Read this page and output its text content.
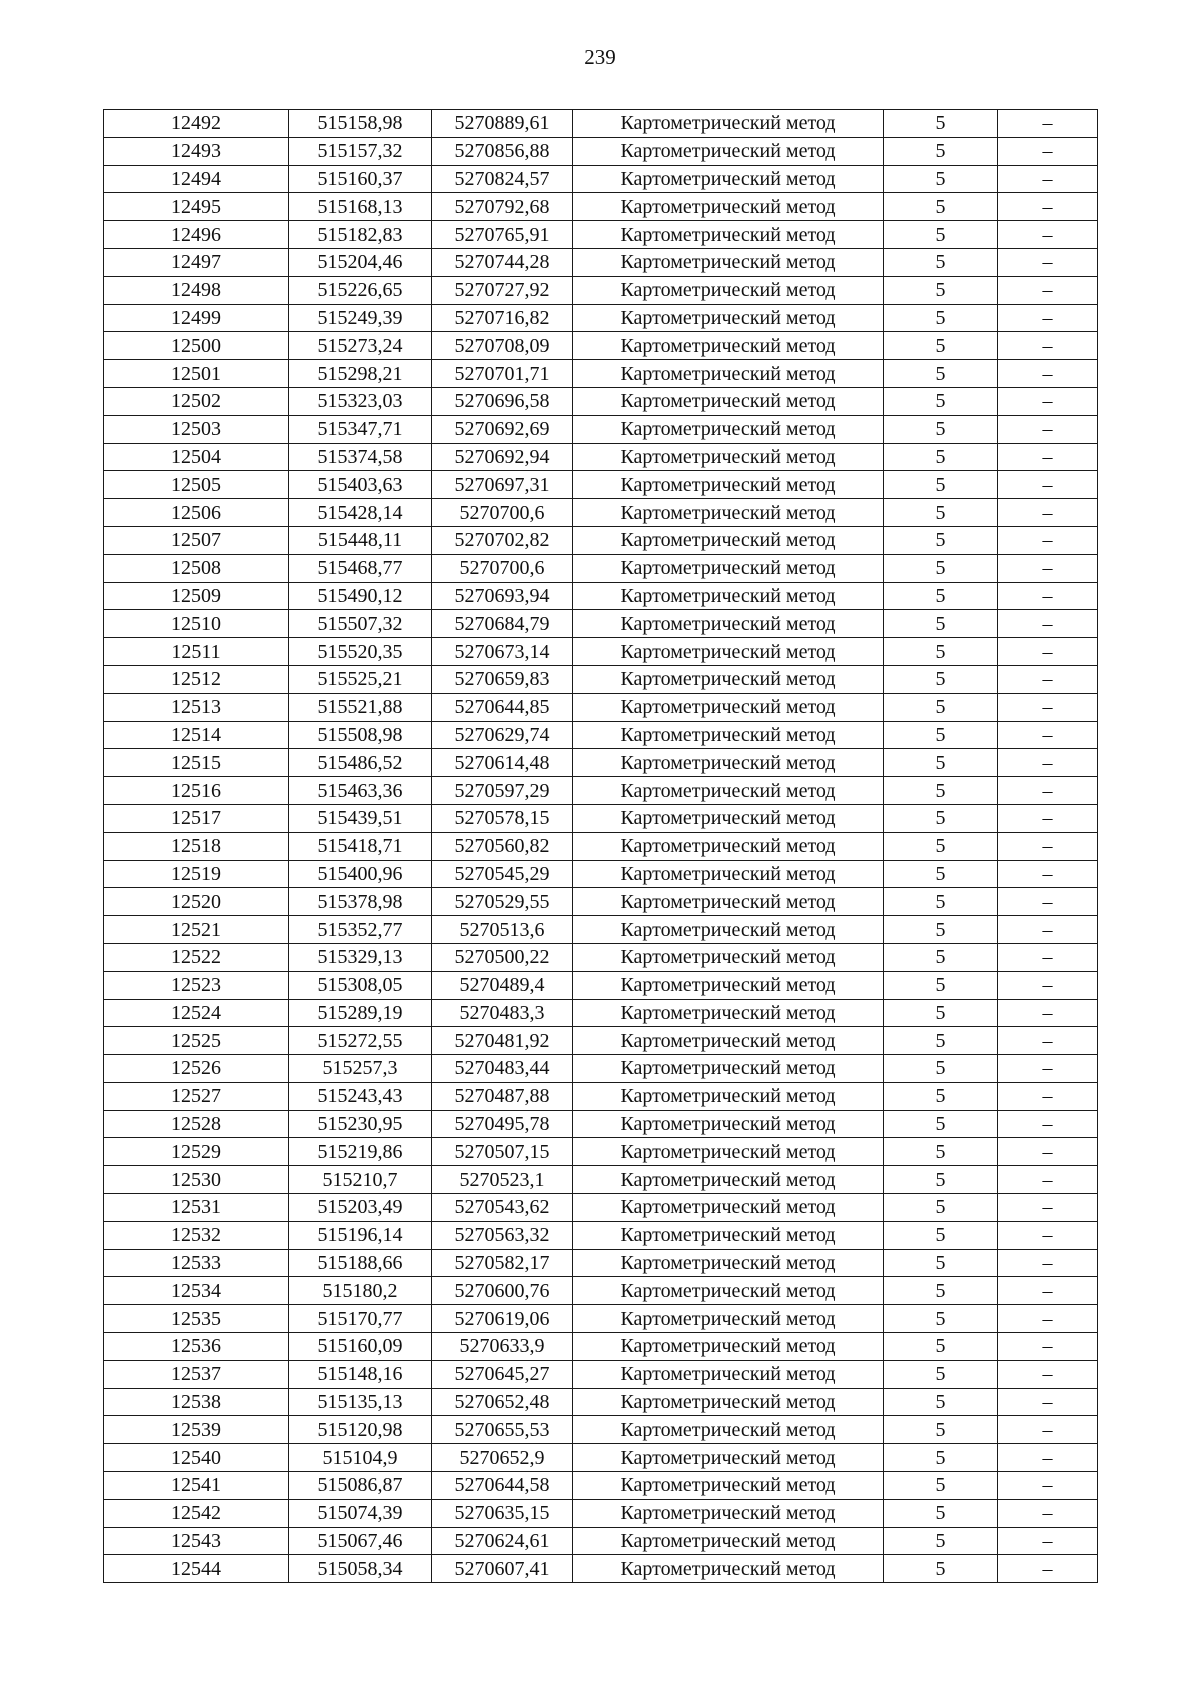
239
12492	515158,98	5270889,61	Картометрический метод	5	–
12493	515157,32	5270856,88	Картометрический метод	5	–
12494	515160,37	5270824,57	Картометрический метод	5	–
12495	515168,13	5270792,68	Картометрический метод	5	–
12496	515182,83	5270765,91	Картометрический метод	5	–
12497	515204,46	5270744,28	Картометрический метод	5	–
12498	515226,65	5270727,92	Картометрический метод	5	–
12499	515249,39	5270716,82	Картометрический метод	5	–
12500	515273,24	5270708,09	Картометрический метод	5	–
12501	515298,21	5270701,71	Картометрический метод	5	–
12502	515323,03	5270696,58	Картометрический метод	5	–
12503	515347,71	5270692,69	Картометрический метод	5	–
12504	515374,58	5270692,94	Картометрический метод	5	–
12505	515403,63	5270697,31	Картометрический метод	5	–
12506	515428,14	5270700,6	Картометрический метод	5	–
12507	515448,11	5270702,82	Картометрический метод	5	–
12508	515468,77	5270700,6	Картометрический метод	5	–
12509	515490,12	5270693,94	Картометрический метод	5	–
12510	515507,32	5270684,79	Картометрический метод	5	–
12511	515520,35	5270673,14	Картометрический метод	5	–
12512	515525,21	5270659,83	Картометрический метод	5	–
12513	515521,88	5270644,85	Картометрический метод	5	–
12514	515508,98	5270629,74	Картометрический метод	5	–
12515	515486,52	5270614,48	Картометрический метод	5	–
12516	515463,36	5270597,29	Картометрический метод	5	–
12517	515439,51	5270578,15	Картометрический метод	5	–
12518	515418,71	5270560,82	Картометрический метод	5	–
12519	515400,96	5270545,29	Картометрический метод	5	–
12520	515378,98	5270529,55	Картометрический метод	5	–
12521	515352,77	5270513,6	Картометрический метод	5	–
12522	515329,13	5270500,22	Картометрический метод	5	–
12523	515308,05	5270489,4	Картометрический метод	5	–
12524	515289,19	5270483,3	Картометрический метод	5	–
12525	515272,55	5270481,92	Картометрический метод	5	–
12526	515257,3	5270483,44	Картометрический метод	5	–
12527	515243,43	5270487,88	Картометрический метод	5	–
12528	515230,95	5270495,78	Картометрический метод	5	–
12529	515219,86	5270507,15	Картометрический метод	5	–
12530	515210,7	5270523,1	Картометрический метод	5	–
12531	515203,49	5270543,62	Картометрический метод	5	–
12532	515196,14	5270563,32	Картометрический метод	5	–
12533	515188,66	5270582,17	Картометрический метод	5	–
12534	515180,2	5270600,76	Картометрический метод	5	–
12535	515170,77	5270619,06	Картометрический метод	5	–
12536	515160,09	5270633,9	Картометрический метод	5	–
12537	515148,16	5270645,27	Картометрический метод	5	–
12538	515135,13	5270652,48	Картометрический метод	5	–
12539	515120,98	5270655,53	Картометрический метод	5	–
12540	515104,9	5270652,9	Картометрический метод	5	–
12541	515086,87	5270644,58	Картометрический метод	5	–
12542	515074,39	5270635,15	Картометрический метод	5	–
12543	515067,46	5270624,61	Картометрический метод	5	–
12544	515058,34	5270607,41	Картометрический метод	5	–
